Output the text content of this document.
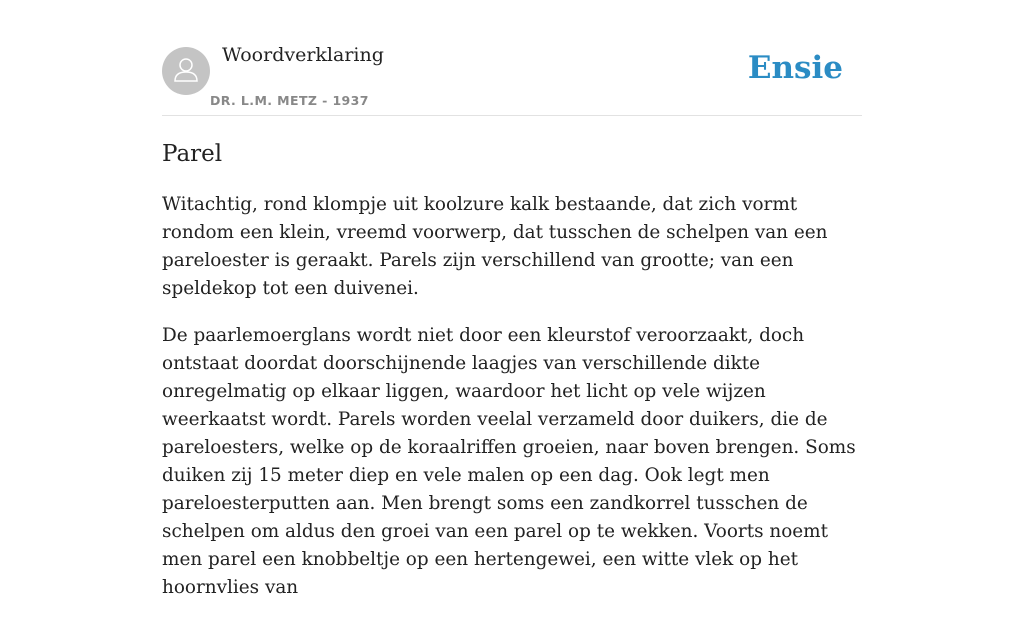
Woordverklaring
DR. L.M. METZ - 1937
Ensie
Parel

Witachtig, rond klompje uit koolzure kalk bestaande, dat zich vormt rondom een klein, vreemd voorwerp, dat tusschen de schelpen van een pareloester is geraakt. Parels zijn verschillend van grootte; van een speldekop tot een duivenei.

De paarlemoerglans wordt niet door een kleurstof veroorzaakt, doch ontstaat doordat doorschijnende laagjes van verschillende dikte onregelmatig op elkaar liggen, waardoor het licht op vele wijzen weerkaatst wordt. Parels worden veelal verzameld door duikers, die de pareloesters, welke op de koraalriffen groeien, naar boven brengen. Soms duiken zij 15 meter diep en vele malen op een dag. Ook legt men pareloesterputten aan. Men brengt soms een zandkorrel tusschen de schelpen om aldus den groei van een parel op te wekken. Voorts noemt men parel een knobbeltje op een hertengewei, een witte vlek op het hoornvlies van
